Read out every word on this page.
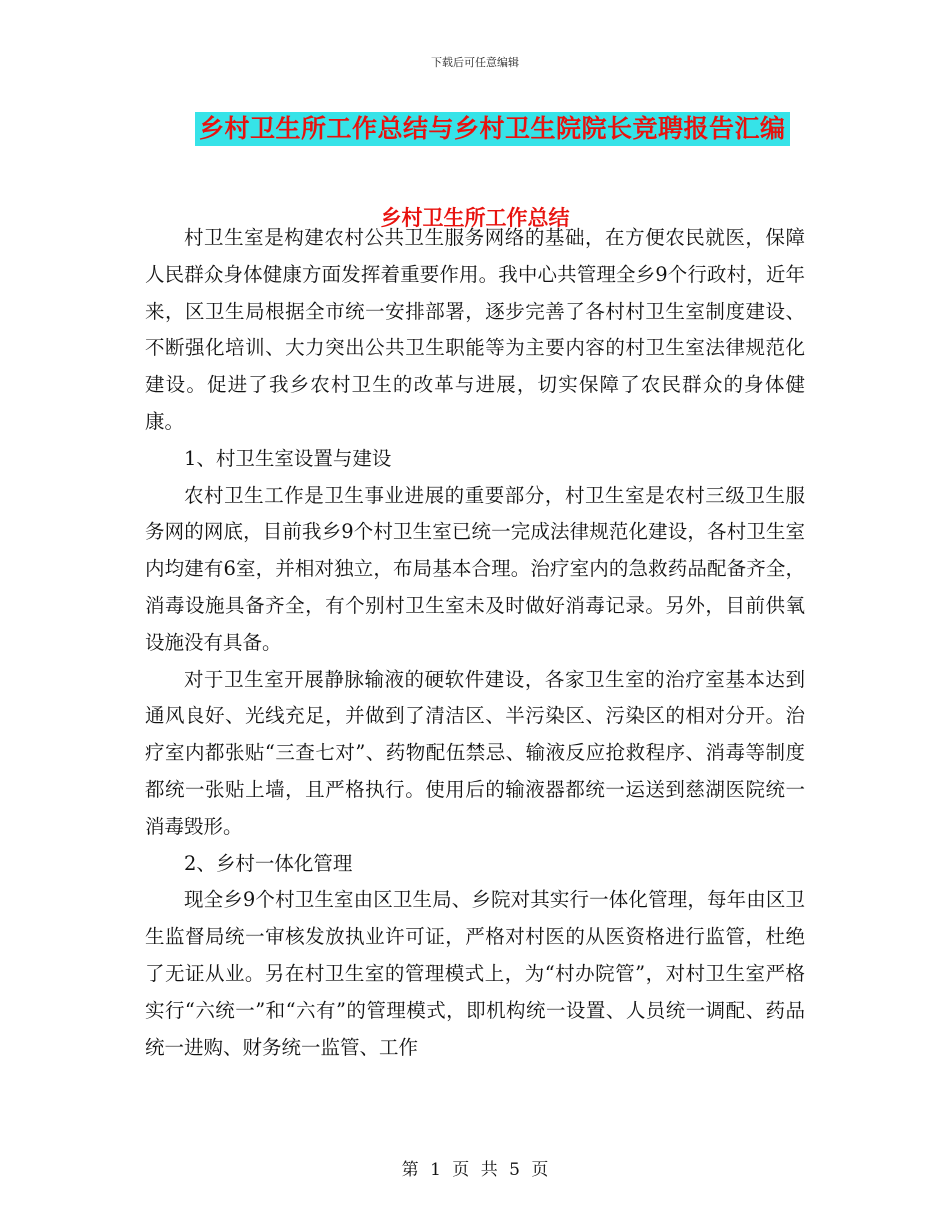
下载后可任意编辑
乡村卫生所工作总结与乡村卫生院院长竞聘报告汇编
乡村卫生所工作总结

村卫生室是构建农村公共卫生服务网络的基础，在方便农民就医，保障人民群众身体健康方面发挥着重要作用。我中心共管理全乡9个行政村，近年来，区卫生局根据全市统一安排部署，逐步完善了各村村卫生室制度建设、不断强化培训、大力突出公共卫生职能等为主要内容的村卫生室法律规范化建设。促进了我乡农村卫生的改革与进展，切实保障了农民群众的身体健康。

1、村卫生室设置与建设

农村卫生工作是卫生事业进展的重要部分，村卫生室是农村三级卫生服务网的网底，目前我乡9个村卫生室已统一完成法律规范化建设，各村卫生室内均建有6室，并相对独立，布局基本合理。治疗室内的急救药品配备齐全，消毒设施具备齐全，有个别村卫生室未及时做好消毒记录。另外，目前供氧设施没有具备。

对于卫生室开展静脉输液的硬软件建设，各家卫生室的治疗室基本达到通风良好、光线充足，并做到了清洁区、半污染区、污染区的相对分开。治疗室内都张贴“三查七对”、药物配伍禁忌、输液反应抢救程序、消毒等制度都统一张贴上墙，且严格执行。使用后的输液器都统一运送到慈湖医院统一消毒毁形。

2、乡村一体化管理

现全乡9个村卫生室由区卫生局、乡院对其实行一体化管理，每年由区卫生监督局统一审核发放执业许可证，严格对村医的从医资格进行监管，杜绝了无证从业。另在村卫生室的管理模式上，为“村办院管”，对村卫生室严格实行“六统一”和“六有”的管理模式，即机构统一设置、人员统一调配、药品统一进购、财务统一监管、工作

第 1 页 共 5 页
